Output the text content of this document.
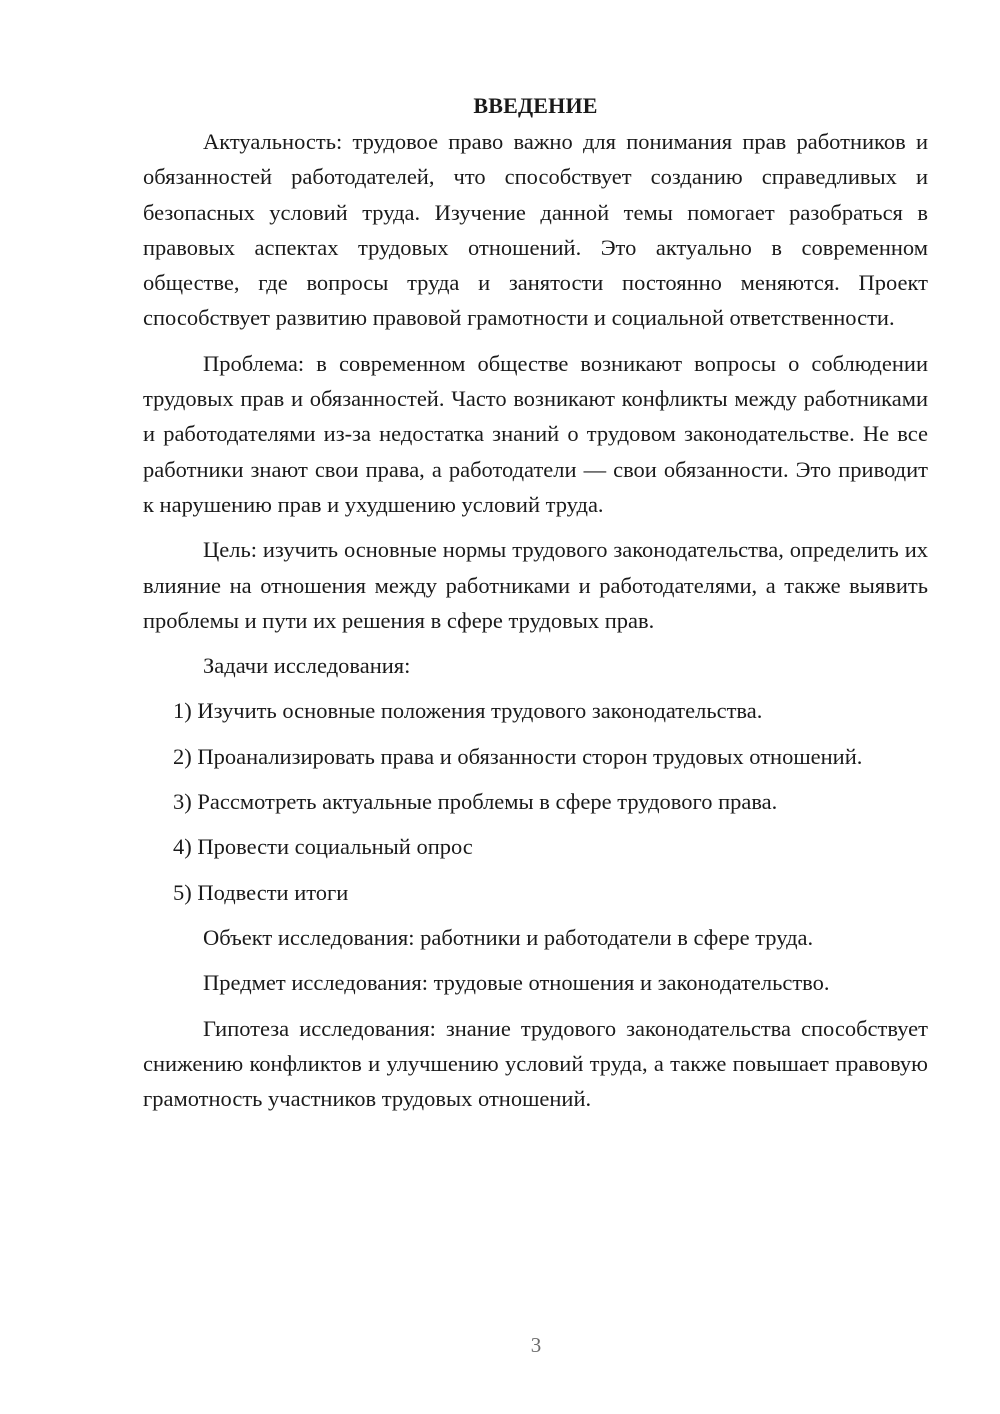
ВВЕДЕНИЕ

Актуальность: трудовое право важно для понимания прав работников и обязанностей работодателей, что способствует созданию справедливых и безопасных условий труда. Изучение данной темы помогает разобраться в правовых аспектах трудовых отношений. Это актуально в современном обществе, где вопросы труда и занятости постоянно меняются. Проект способствует развитию правовой грамотности и социальной ответственности.

Проблема: в современном обществе возникают вопросы о соблюдении трудовых прав и обязанностей. Часто возникают конфликты между работниками и работодателями из-за недостатка знаний о трудовом законодательстве. Не все работники знают свои права, а работодатели — свои обязанности. Это приводит к нарушению прав и ухудшению условий труда.

Цель: изучить основные нормы трудового законодательства, определить их влияние на отношения между работниками и работодателями, а также выявить проблемы и пути их решения в сфере трудовых прав.

Задачи исследования:

1) Изучить основные положения трудового законодательства.

2) Проанализировать права и обязанности сторон трудовых отношений.

3) Рассмотреть актуальные проблемы в сфере трудового права.

4) Провести социальный опрос

5) Подвести итоги

Объект исследования: работники и работодатели в сфере труда.

Предмет исследования: трудовые отношения и законодательство.

Гипотеза исследования: знание трудового законодательства способствует снижению конфликтов и улучшению условий труда, а также повышает правовую грамотность участников трудовых отношений.

3
